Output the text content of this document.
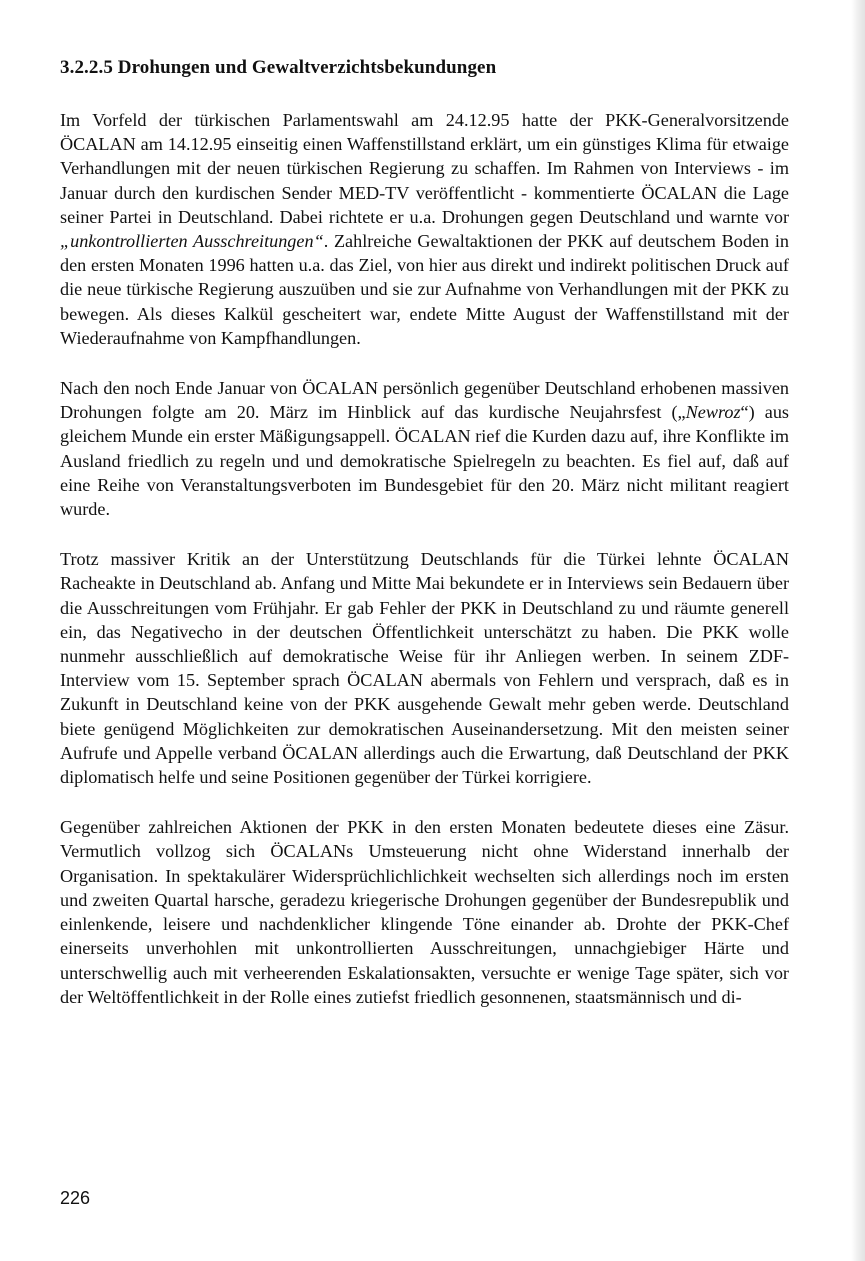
3.2.2.5 Drohungen und Gewaltverzichtsbekundungen

Im Vorfeld der türkischen Parlamentswahl am 24.12.95 hatte der PKK-Generalvorsitzende ÖCALAN am 14.12.95 einseitig einen Waffenstillstand erklärt, um ein günstiges Klima für etwaige Verhandlungen mit der neuen türkischen Regierung zu schaffen. Im Rahmen von Interviews - im Januar durch den kurdischen Sender MED-TV veröffentlicht - kommentierte ÖCALAN die Lage seiner Partei in Deutschland. Dabei richtete er u.a. Drohungen gegen Deutschland und warnte vor „unkontrollierten Ausschreitungen“. Zahlreiche Gewaltaktionen der PKK auf deutschem Boden in den ersten Monaten 1996 hatten u.a. das Ziel, von hier aus direkt und indirekt politischen Druck auf die neue türkische Regierung auszuüben und sie zur Aufnahme von Verhandlungen mit der PKK zu bewegen. Als dieses Kalkül gescheitert war, endete Mitte August der Waffenstillstand mit der Wiederaufnahme von Kampfhandlungen.

Nach den noch Ende Januar von ÖCALAN persönlich gegenüber Deutschland erhobenen massiven Drohungen folgte am 20. März im Hinblick auf das kurdische Neujahrsfest („Newroz“) aus gleichem Munde ein erster Mäßigungsappell. ÖCALAN rief die Kurden dazu auf, ihre Konflikte im Ausland friedlich zu regeln und und demokratische Spielregeln zu beachten. Es fiel auf, daß auf eine Reihe von Veranstaltungsverboten im Bundesgebiet für den 20. März nicht militant reagiert wurde.

Trotz massiver Kritik an der Unterstützung Deutschlands für die Türkei lehnte ÖCALAN Racheakte in Deutschland ab. Anfang und Mitte Mai bekundete er in Interviews sein Bedauern über die Ausschreitungen vom Frühjahr. Er gab Fehler der PKK in Deutschland zu und räumte generell ein, das Negativecho in der deutschen Öffentlichkeit unterschätzt zu haben. Die PKK wolle nunmehr ausschließlich auf demokratische Weise für ihr Anliegen werben. In seinem ZDF-Interview vom 15. September sprach ÖCALAN abermals von Fehlern und versprach, daß es in Zukunft in Deutschland keine von der PKK ausgehende Gewalt mehr geben werde. Deutschland biete genügend Möglichkeiten zur demokratischen Auseinandersetzung. Mit den meisten seiner Aufrufe und Appelle verband ÖCALAN allerdings auch die Erwartung, daß Deutschland der PKK diplomatisch helfe und seine Positionen gegenüber der Türkei korrigiere.

Gegenüber zahlreichen Aktionen der PKK in den ersten Monaten bedeutete dieses eine Zäsur. Vermutlich vollzog sich ÖCALANs Umsteuerung nicht ohne Widerstand innerhalb der Organisation. In spektakulärer Widersprüchlichlichkeit wechselten sich allerdings noch im ersten und zweiten Quartal harsche, geradezu kriegerische Drohungen gegenüber der Bundesrepublik und einlenkende, leisere und nachdenklicher klingende Töne einander ab. Drohte der PKK-Chef einerseits unverhohlen mit unkontrollierten Ausschreitungen, unnachgiebiger Härte und unterschwellig auch mit verheerenden Eskalationsakten, versuchte er wenige Tage später, sich vor der Weltöffentlichkeit in der Rolle eines zutiefst friedlich gesonnenen, staatsmännisch und di-

226
